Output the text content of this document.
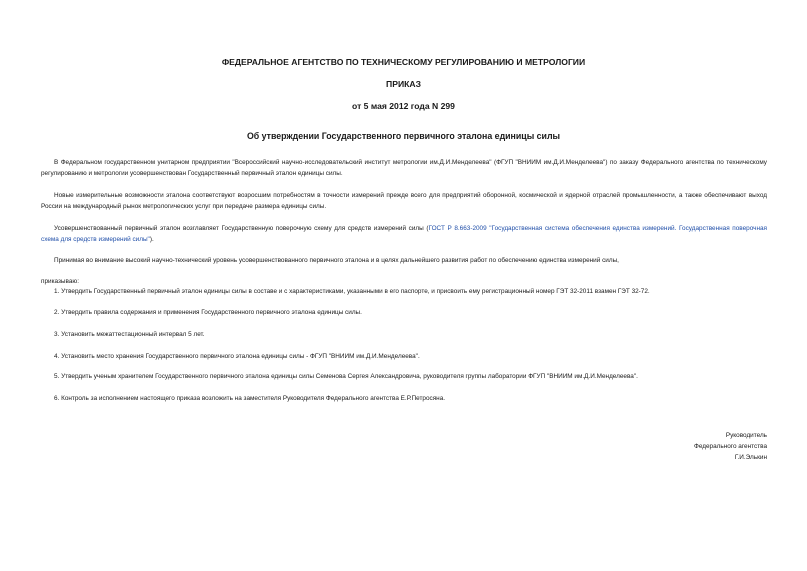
ФЕДЕРАЛЬНОЕ АГЕНТСТВО ПО ТЕХНИЧЕСКОМУ РЕГУЛИРОВАНИЮ И МЕТРОЛОГИИ
ПРИКАЗ
от 5 мая 2012 года N 299
Об утверждении Государственного первичного эталона единицы силы

В Федеральном государственном унитарном предприятии "Всероссийский научно-исследовательский институт метрологии им.Д.И.Менделеева" (ФГУП "ВНИИМ им.Д.И.Менделеева") по заказу Федерального агентства по техническому регулированию и метрологии усовершенствован Государственный первичный эталон единицы силы.

Новые измерительные возможности эталона соответствуют возросшим потребностям в точности измерений прежде всего для предприятий оборонной, космической и ядерной отраслей промышленности, а также обеспечивают выход России на международный рынок метрологических услуг при передаче размера единицы силы.

Усовершенствованный первичный эталон возглавляет Государственную поверочную схему для средств измерений силы (ГОСТ Р 8.663-2009 "Государственная система обеспечения единства измерений. Государственная поверочная схема для средств измерений силы").

Принимая во внимание высокий научно-технический уровень усовершенствованного первичного эталона и в целях дальнейшего развития работ по обеспечению единства измерений силы,

приказываю:

1. Утвердить Государственный первичный эталон единицы силы в составе и с характеристиками, указанными в его паспорте, и присвоить ему регистрационный номер ГЭТ 32-2011 взамен ГЭТ 32-72.

2. Утвердить правила содержания и применения Государственного первичного эталона единицы силы.

3. Установить межаттестационный интервал 5 лет.

4. Установить место хранения Государственного первичного эталона единицы силы - ФГУП "ВНИИМ им.Д.И.Менделеева".

5. Утвердить ученым хранителем Государственного первичного эталона единицы силы Семенова Сергея Александровича, руководителя группы лаборатории ФГУП "ВНИИМ им.Д.И.Менделеева".

6. Контроль за исполнением настоящего приказа возложить на заместителя Руководителя Федерального агентства Е.Р.Петросяна.

Руководитель
Федерального агентства
Г.И.Элькин
